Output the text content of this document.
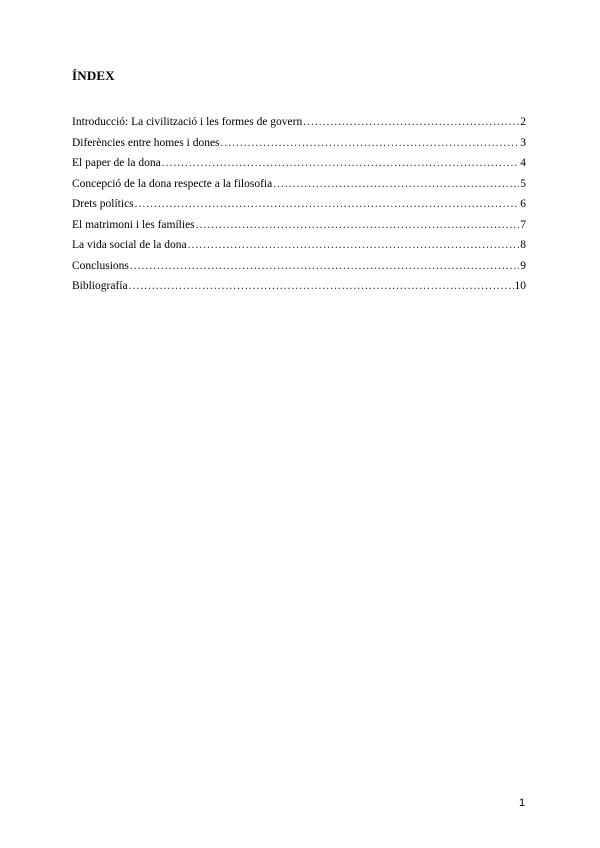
ÍNDEX
Introducció: La civilització i les formes de govern .....	2
Diferències entre homes i dones .....	3
El paper de la dona .....	4
Concepció de la dona respecte a la filosofia .....	5
Drets polítics .....	6
El matrimoni i les famílies .....	7
La vida social de la dona .....	8
Conclusions .....	9
Bibliografía .....	10
1
